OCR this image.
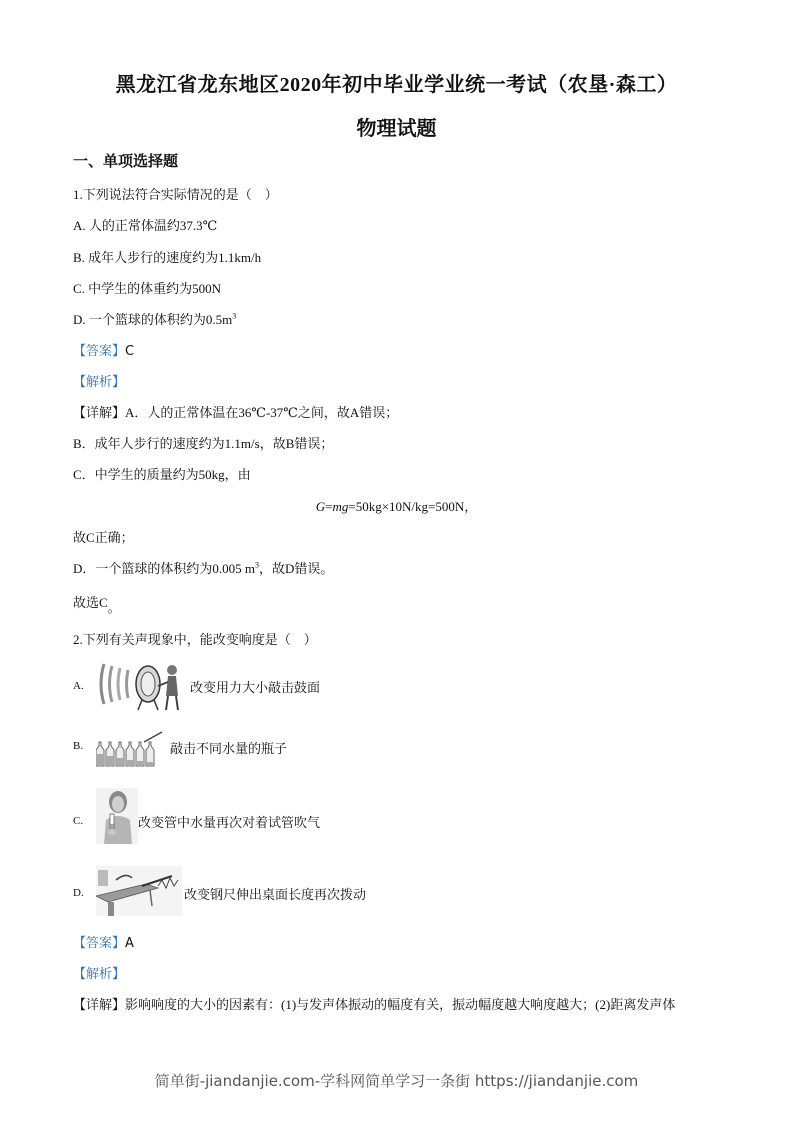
黑龙江省龙东地区2020年初中毕业学业统一考试（农垦·森工）
物理试题
一、单项选择题
1.下列说法符合实际情况的是（　）
A. 人的正常体温约37.3℃
B. 成年人步行的速度约为1.1km/h
C. 中学生的体重约为500N
D. 一个篮球的体积约为$0.5m^3$
【答案】C
【解析】
【详解】A．人的正常体温在36℃-37℃之间，故A错误；
B．成年人步行的速度约为1.1m/s，故B错误；
C．中学生的质量约为50kg，由
G=mg=50kg×10N/kg=500N，
故C正确；
D．一个篮球的体积约为0.005 $m^3$，故D错误。
故选C。
2.下列有关声现象中，能改变响度是（　）
A.	改变用力大小敲击鼓面
B.	敲击不同水量的瓶子
C.	改变管中水量再次对着试管吹气
D.	改变钢尺伸出桌面长度再次拨动
【答案】A
【解析】
【详解】影响响度的大小的因素有：(1)与发声体振动的幅度有关，振动幅度越大响度越大；(2)距离发声体
简单街-jiandanjie.com-学科网简单学习一条街 https://jiandanjie.com
